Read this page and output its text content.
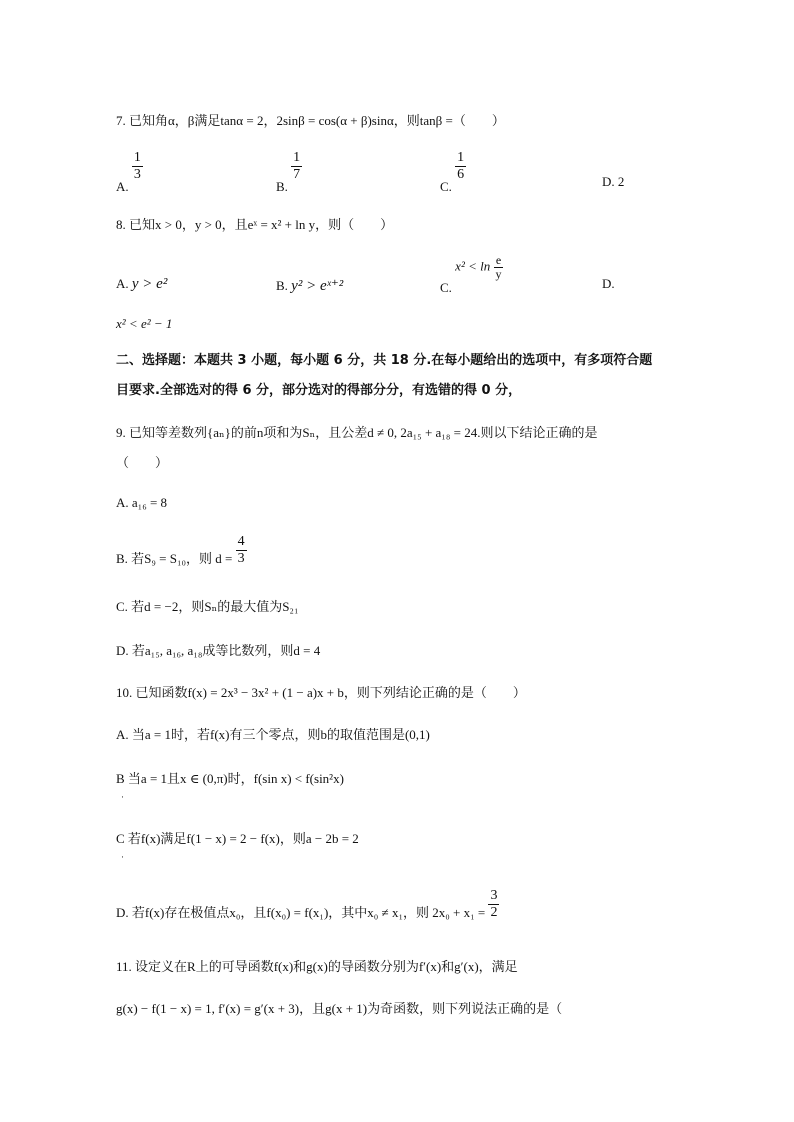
7. 已知角α，β满足tanα = 2，2sinβ = cos(α + β)sinα，则tanβ =（　　）
A.
$\frac{1}{3}$
B.
$\frac{1}{7}$
C.
$\frac{1}{6}$	D. 2
8. 已知x > 0，y > 0，且eˣ = x² + ln y，则（　　）
A. y > e²	B. y² > eˣ⁺²	C. $x^2 < \ln \frac{e}{y}$
D.
x² < e² − 1
二、选择题：本题共 3 小题，每小题 6 分，共 18 分.在每小题给出的选项中，有多项符合题
目要求.全部选对的得 6 分，部分选对的得部分分，有选错的得 0 分，
9. 已知等差数列{aₙ}的前n项和为Sₙ，且公差d ≠ 0, 2a₁₅ + a₁₈ = 24.则以下结论正确的是
（　　）
A. a₁₆ = 8
B. 若S₉ = S₁₀，则 $d = \frac{4}{3}$
C. 若d = −2，则Sₙ的最大值为S₂₁
D. 若a₁₅, a₁₆, a₁₈成等比数列，则d = 4
10. 已知函数f(x) = 2x³ − 3x² + (1 − a)x + b，则下列结论正确的是（　　）
A. 当a = 1时，若f(x)有三个零点，则b的取值范围是(0,1)
B 当a = 1且x ∈ (0,π)时，f(sin x) < f(sin²x)
·
C 若f(x)满足f(1 − x) = 2 − f(x)，则a − 2b = 2
·
D. 若f(x)存在极值点x₀，且f(x₀) = f(x₁)，其中x₀ ≠ x₁，则 $2x_0 + x_1 = \frac{3}{2}$
11. 设定义在R上的可导函数f(x)和g(x)的导函数分别为f′(x)和g′(x)，满足
g(x) − f(1 − x) = 1, f′(x) = g′(x + 3)，且g(x + 1)为奇函数，则下列说法正确的是（
